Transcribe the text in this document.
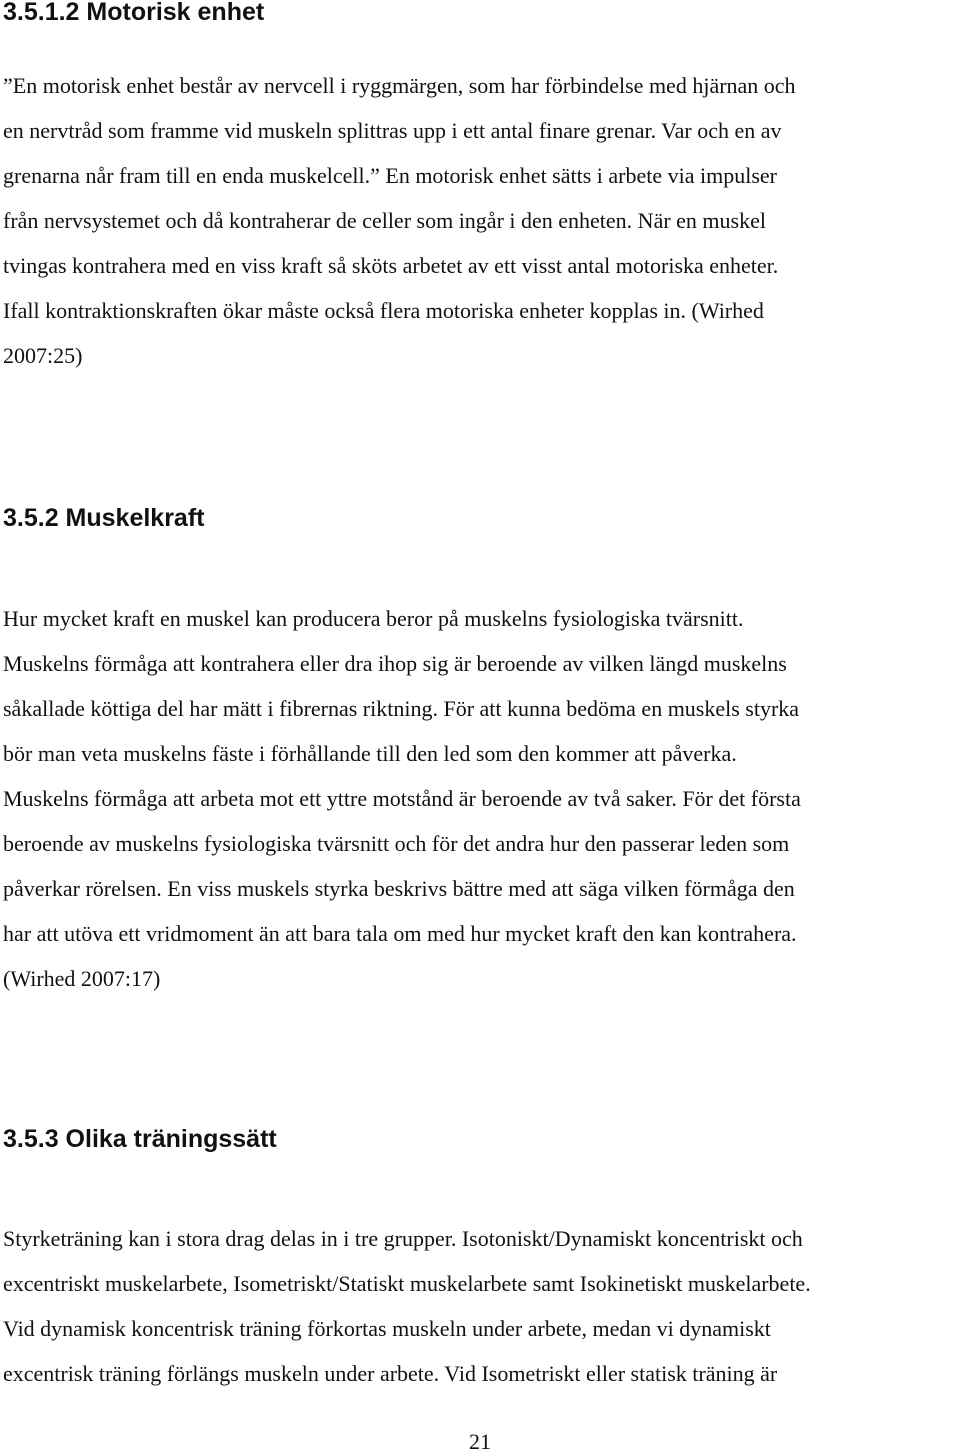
3.5.1.2 Motorisk enhet
”En motorisk enhet består av nervcell i ryggmärgen, som har förbindelse med hjärnan och
en nervtråd som framme vid muskeln splittras upp i ett antal finare grenar. Var och en av
grenarna når fram till en enda muskelcell.” En motorisk enhet sätts i arbete via impulser
från nervsystemet och då kontraherar de celler som ingår i den enheten. När en muskel
tvingas kontrahera med en viss kraft så sköts arbetet av ett visst antal motoriska enheter.
Ifall kontraktionskraften ökar måste också flera motoriska enheter kopplas in. (Wirhed
2007:25)
3.5.2 Muskelkraft
Hur mycket kraft en muskel kan producera beror på muskelns fysiologiska tvärsnitt.
Muskelns förmåga att kontrahera eller dra ihop sig är beroende av vilken längd muskelns
såkallade köttiga del har mätt i fibrernas riktning. För att kunna bedöma en muskels styrka
bör man veta muskelns fäste i förhållande till den led som den kommer att påverka.
Muskelns förmåga att arbeta mot ett yttre motstånd är beroende av två saker. För det första
beroende av muskelns fysiologiska tvärsnitt och för det andra hur den passerar leden som
påverkar rörelsen. En viss muskels styrka beskrivs bättre med att säga vilken förmåga den
har att utöva ett vridmoment än att bara tala om med hur mycket kraft den kan kontrahera.
(Wirhed 2007:17)
3.5.3 Olika träningssätt
Styrketräning kan i stora drag delas in i tre grupper. Isotoniskt/Dynamiskt koncentriskt och
excentriskt muskelarbete, Isometriskt/Statiskt muskelarbete samt Isokinetiskt muskelarbete.
Vid dynamisk koncentrisk träning förkortas muskeln under arbete, medan vi dynamiskt
excentrisk träning förlängs muskeln under arbete. Vid Isometriskt eller statisk träning är
21
